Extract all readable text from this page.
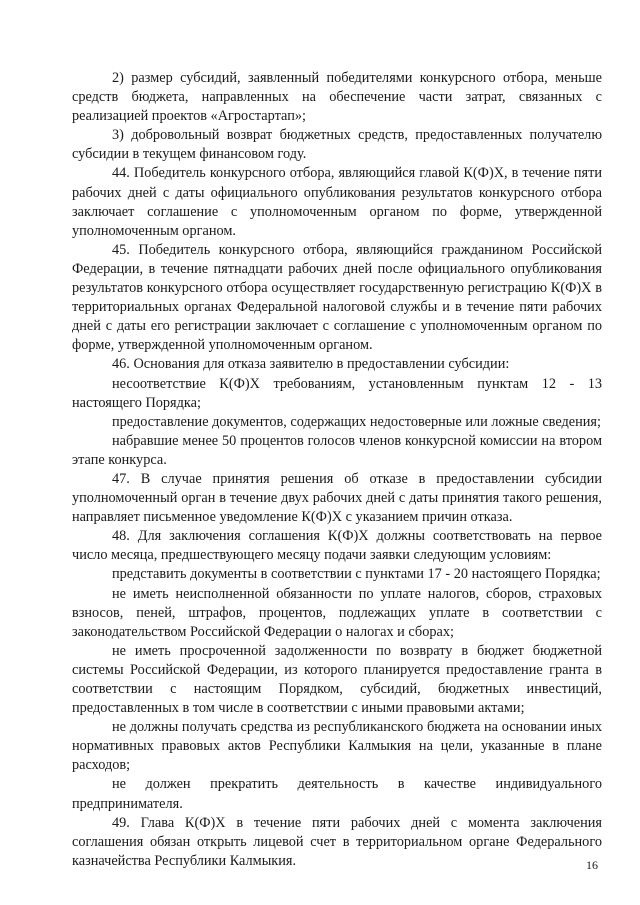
2) размер субсидий, заявленный победителями конкурсного отбора, меньше средств бюджета, направленных на обеспечение части затрат, связанных с реализацией проектов «Агростартап»;

3) добровольный возврат бюджетных средств, предоставленных получателю субсидии в текущем финансовом году.

44. Победитель конкурсного отбора, являющийся главой К(Ф)Х, в течение пяти рабочих дней с даты официального опубликования результатов конкурсного отбора заключает соглашение с уполномоченным органом по форме, утвержденной уполномоченным органом.

45. Победитель конкурсного отбора, являющийся гражданином Российской Федерации, в течение пятнадцати рабочих дней после официального опубликования результатов конкурсного отбора осуществляет государственную регистрацию К(Ф)Х в территориальных органах Федеральной налоговой службы и в течение пяти рабочих дней с даты его регистрации заключает с соглашение с уполномоченным органом по форме, утвержденной уполномоченным органом.

46. Основания для отказа заявителю в предоставлении субсидии:

несоответствие К(Ф)Х требованиям, установленным пунктам 12 - 13 настоящего Порядка;

предоставление документов, содержащих недостоверные или ложные сведения;

набравшие менее 50 процентов голосов членов конкурсной комиссии на втором этапе конкурса.

47. В случае принятия решения об отказе в предоставлении субсидии уполномоченный орган в течение двух рабочих дней с даты принятия такого решения, направляет письменное уведомление К(Ф)Х с указанием причин отказа.

48. Для заключения соглашения К(Ф)Х должны соответствовать на первое число месяца, предшествующего месяцу подачи заявки следующим условиям:

представить документы в соответствии с пунктами 17 - 20 настоящего Порядка;

не иметь неисполненной обязанности по уплате налогов, сборов, страховых взносов, пеней, штрафов, процентов, подлежащих уплате в соответствии с законодательством Российской Федерации о налогах и сборах;

не иметь просроченной задолженности по возврату в бюджет бюджетной системы Российской Федерации, из которого планируется предоставление гранта в соответствии с настоящим Порядком, субсидий, бюджетных инвестиций, предоставленных в том числе в соответствии с иными правовыми актами;

не должны получать средства из республиканского бюджета на основании иных нормативных правовых актов Республики Калмыкия на цели, указанные в плане расходов;

не должен прекратить деятельность в качестве индивидуального предпринимателя.

49. Глава К(Ф)Х в течение пяти рабочих дней с момента заключения соглашения обязан открыть лицевой счет в территориальном органе Федерального казначейства Республики Калмыкия.	16
